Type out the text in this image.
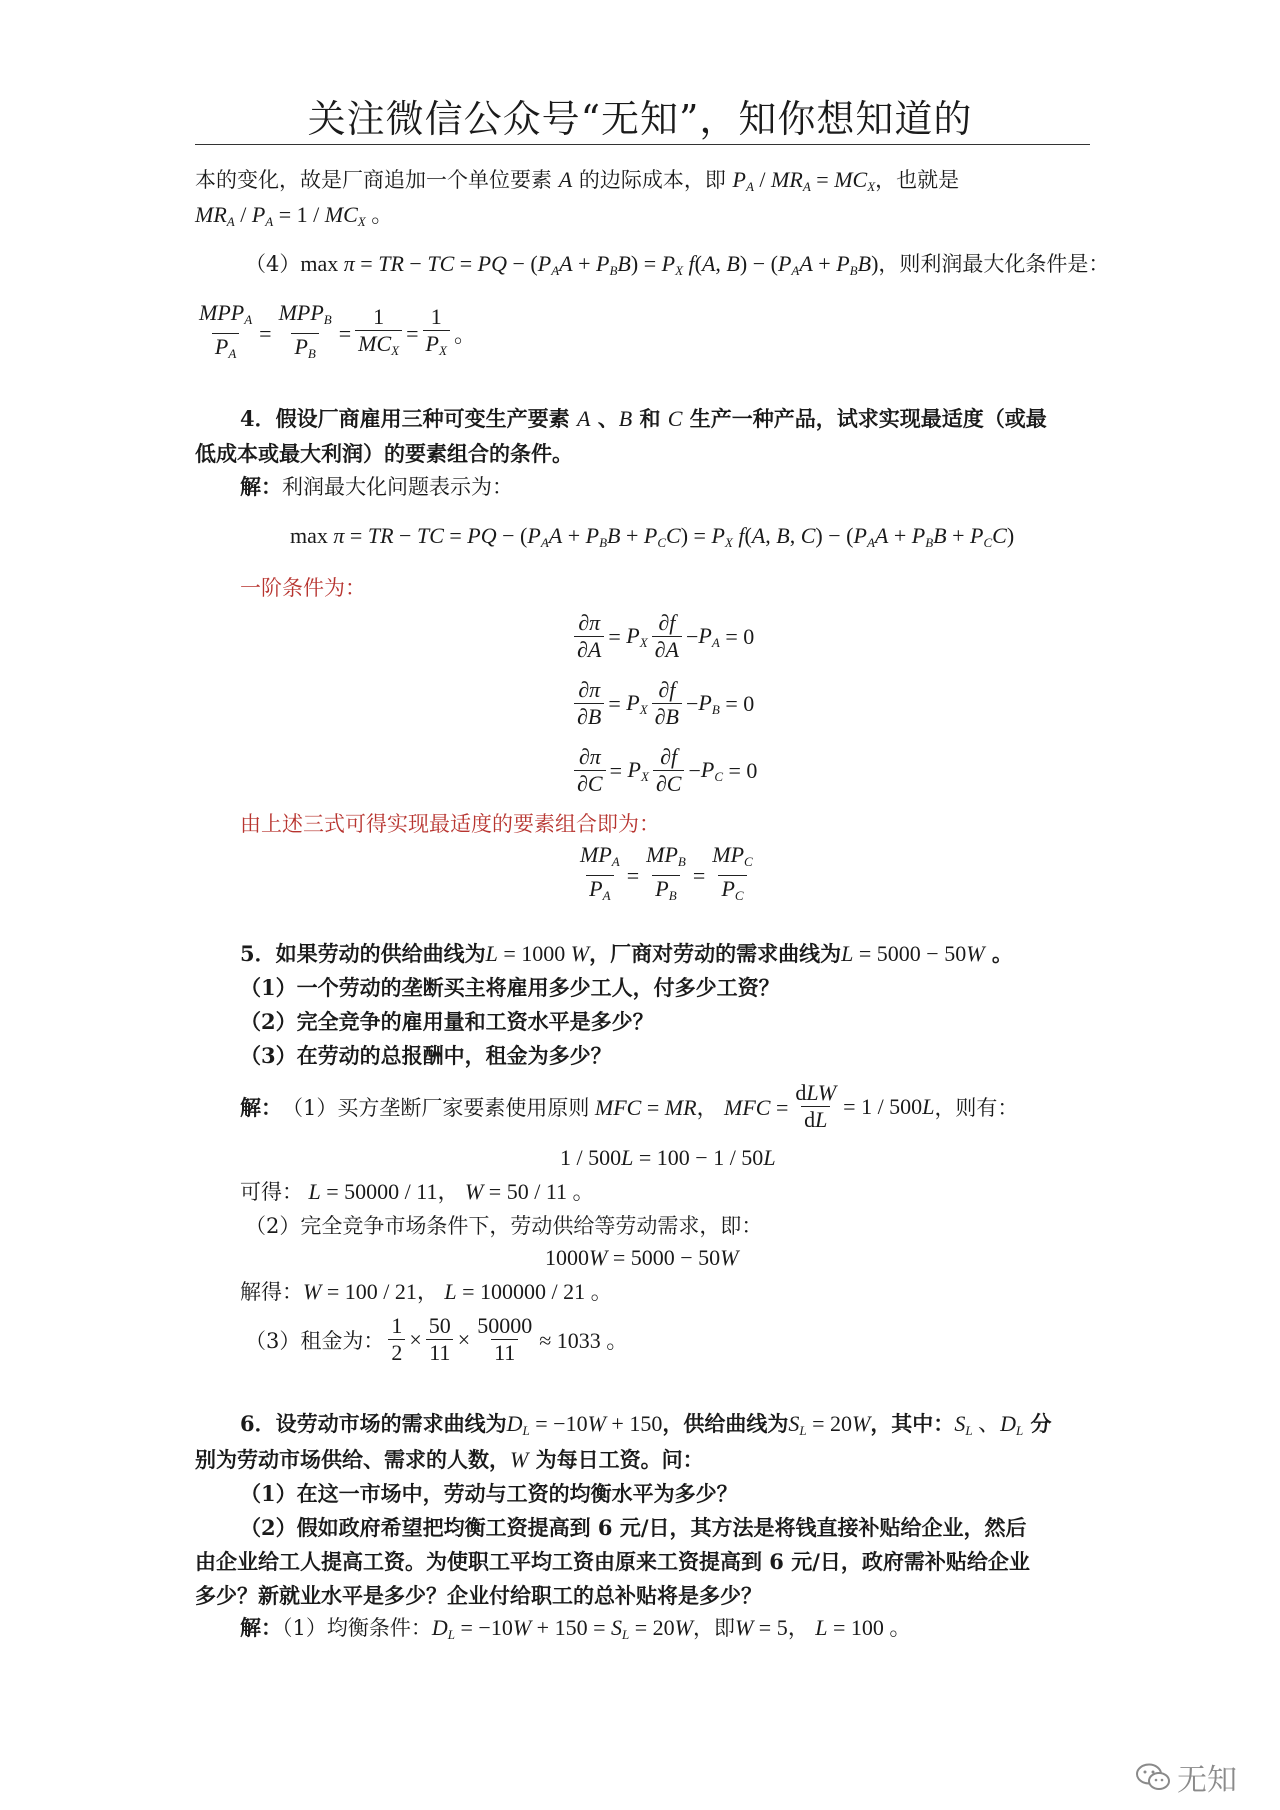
关注微信公众号“无知”，知你想知道的
本的变化，故是厂商追加一个单位要素 A 的边际成本，即 $P_A / MR_A = MC_X$，也就是
$MR_A / P_A = 1 / MC_X$ 。
（4）max π = TR − TC = PQ − $(P_AA + P_BB) = P_X$ f(A, $B) - (P_AA + P_BB)$，则利润最大化条件是：
$\frac{MPP_A}{P_A} = \frac{MPP_B}{P_B} = \frac{1}{MC_X} = \frac{1}{P_X}$ 。
4．假设厂商雇用三种可变生产要素 A 、B 和 C 生产一种产品，试求实现最适度（或最
低成本或最大利润）的要素组合的条件。
解：利润最大化问题表示为：
max π = TR − TC = PQ − $(P_AA + P_BB + P_CC) = P_X$ f(A, B, $C) - (P_AA + P_BB + P_CC)$
一阶条件为：
$\frac{\partial\pi}{\partial A} = P_X \frac{\partial f}{\partial A} - P_A = 0$
$\frac{\partial\pi}{\partial B} = P_X \frac{\partial f}{\partial B} - P_B = 0$
$\frac{\partial\pi}{\partial C} = P_X \frac{\partial f}{\partial C} - P_C = 0$
由上述三式可得实现最适度的要素组合即为：
$\frac{MP_A}{P_A} = \frac{MP_B}{P_B} = \frac{MP_C}{P_C}$
5．如果劳动的供给曲线为L = 1000 W，厂商对劳动的需求曲线为L = 5000 − 50W 。
（1）一个劳动的垄断买主将雇用多少工人，付多少工资？
（2）完全竞争的雇用量和工资水平是多少？
（3）在劳动的总报酬中，租金为多少？
解： （1）买方垄断厂家要素使用原则 MFC = MR， MFC = $\frac{\text{dLW}}{dL} = 1 / 500L$ ，则有：
1 / 500L = 100 − 1 / 50L
可得： L = 50000 / 11， W = 50 / 11 。
（2）完全竞争市场条件下，劳动供给等劳动需求，即：
1000W = 5000 − 50W
解得：W = 100 / 21， L = 100000 / 21 。
（3）租金为： $\frac{1}{2} \times \frac{50}{11} \times \frac{50000}{11} \approx 1033$ 。
6．设劳动市场的需求曲线为$D_L = -10W + 150$，供给曲线为$S_L = 20W$，其中：$S_L$ 、$D_L$ 分
别为劳动市场供给、需求的人数，W 为每日工资。问：
（1）在这一市场中，劳动与工资的均衡水平为多少？
（2）假如政府希望把均衡工资提高到 6 元/日，其方法是将钱直接补贴给企业，然后
由企业给工人提高工资。为使职工平均工资由原来工资提高到 6 元/日，政府需补贴给企业
多少？新就业水平是多少？企业付给职工的总补贴将是多少？
解：（1）均衡条件：$D_L = -10W + 150 = S_L = 20W$，即W = 5， L = 100 。
无知
